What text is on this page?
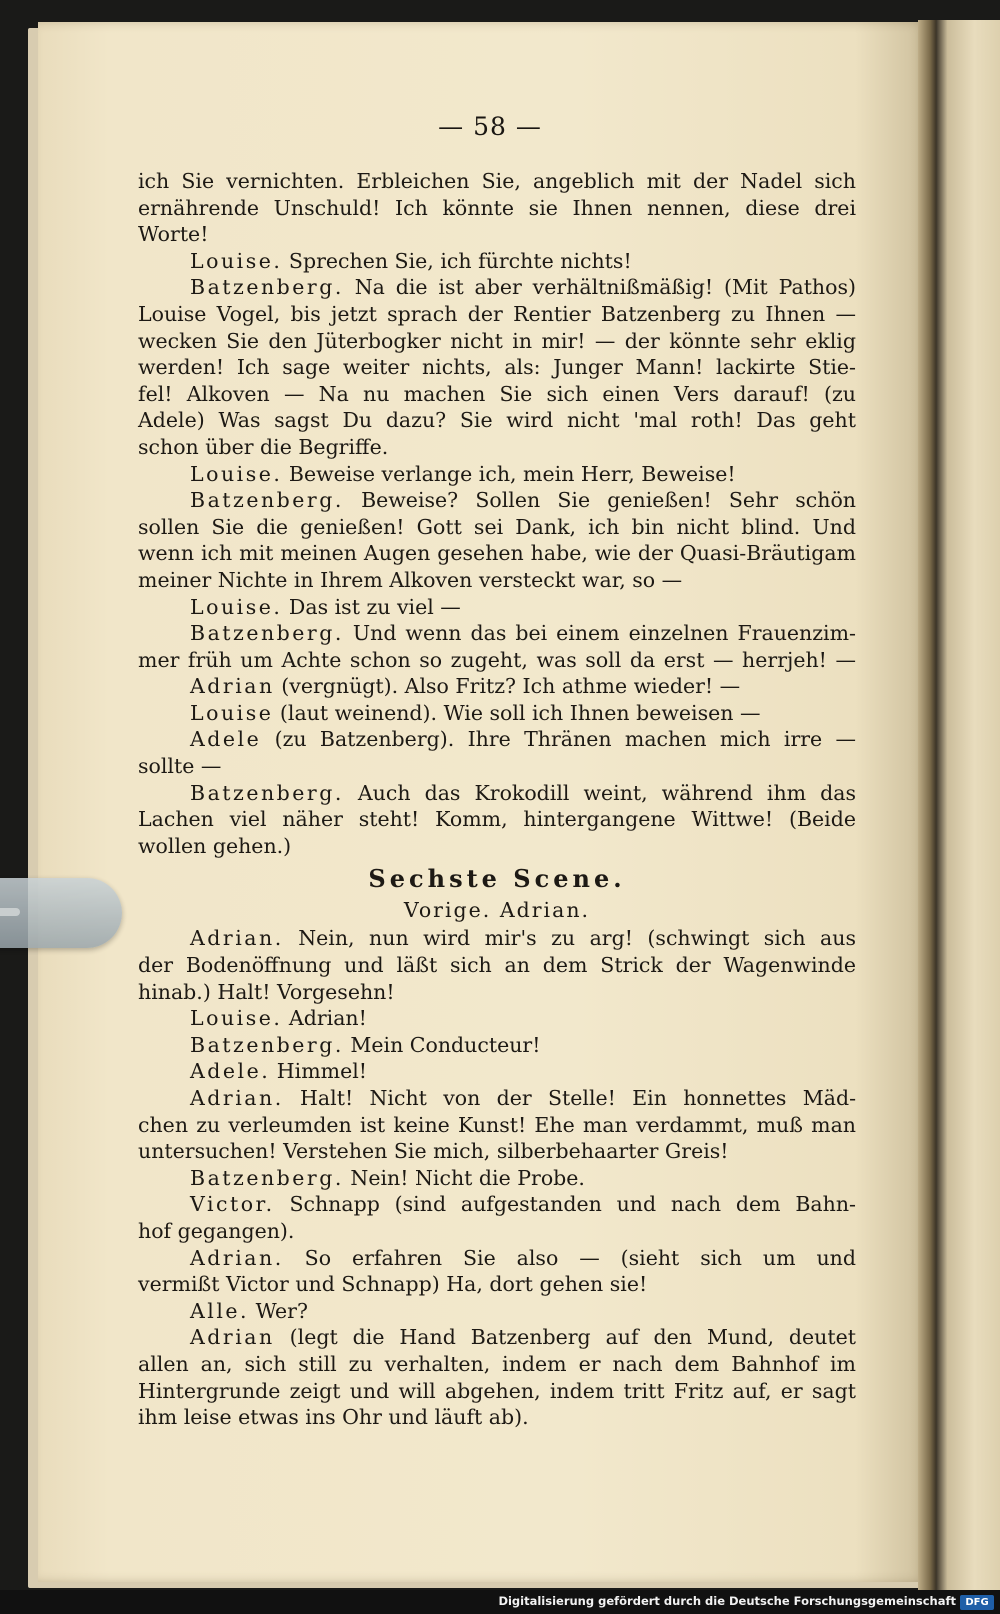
— 58 —
ich Sie vernichten. Erbleichen Sie, angeblich mit der Nadel sich
ernährende Unschuld! Ich könnte sie Ihnen nennen, diese drei
Worte!
Louise. Sprechen Sie, ich fürchte nichts!
Batzenberg. Na die ist aber verhältnißmäßig! (Mit Pathos)
Louise Vogel, bis jetzt sprach der Rentier Batzenberg zu Ihnen —
wecken Sie den Jüterbogker nicht in mir! — der könnte sehr eklig
werden! Ich sage weiter nichts, als: Junger Mann! lackirte Stie-
fel! Alkoven — Na nu machen Sie sich einen Vers darauf! (zu
Adele) Was sagst Du dazu? Sie wird nicht 'mal roth! Das geht
schon über die Begriffe.
Louise. Beweise verlange ich, mein Herr, Beweise!
Batzenberg. Beweise? Sollen Sie genießen! Sehr schön
sollen Sie die genießen! Gott sei Dank, ich bin nicht blind. Und
wenn ich mit meinen Augen gesehen habe, wie der Quasi-Bräutigam
meiner Nichte in Ihrem Alkoven versteckt war, so —
Louise. Das ist zu viel —
Batzenberg. Und wenn das bei einem einzelnen Frauenzim-
mer früh um Achte schon so zugeht, was soll da erst — herrjeh! —
Adrian (vergnügt). Also Fritz? Ich athme wieder! —
Louise (laut weinend). Wie soll ich Ihnen beweisen —
Adele (zu Batzenberg). Ihre Thränen machen mich irre —
sollte —
Batzenberg. Auch das Krokodill weint, während ihm das
Lachen viel näher steht! Komm, hintergangene Wittwe! (Beide
wollen gehen.)
Sechste Scene.
Vorige. Adrian.
Adrian. Nein, nun wird mir's zu arg! (schwingt sich aus
der Bodenöffnung und läßt sich an dem Strick der Wagenwinde
hinab.) Halt! Vorgesehn!
Louise. Adrian!
Batzenberg. Mein Conducteur!
Adele. Himmel!
Adrian. Halt! Nicht von der Stelle! Ein honnettes Mäd-
chen zu verleumden ist keine Kunst! Ehe man verdammt, muß man
untersuchen! Verstehen Sie mich, silberbehaarter Greis!
Batzenberg. Nein! Nicht die Probe.
Victor. Schnapp (sind aufgestanden und nach dem Bahn-
hof gegangen).
Adrian. So erfahren Sie also — (sieht sich um und
vermißt Victor und Schnapp) Ha, dort gehen sie!
Alle. Wer?
Adrian (legt die Hand Batzenberg auf den Mund, deutet
allen an, sich still zu verhalten, indem er nach dem Bahnhof im
Hintergrunde zeigt und will abgehen, indem tritt Fritz auf, er sagt
ihm leise etwas ins Ohr und läuft ab).
Digitalisierung gefördert durch die Deutsche Forschungsgemeinschaft DFG
